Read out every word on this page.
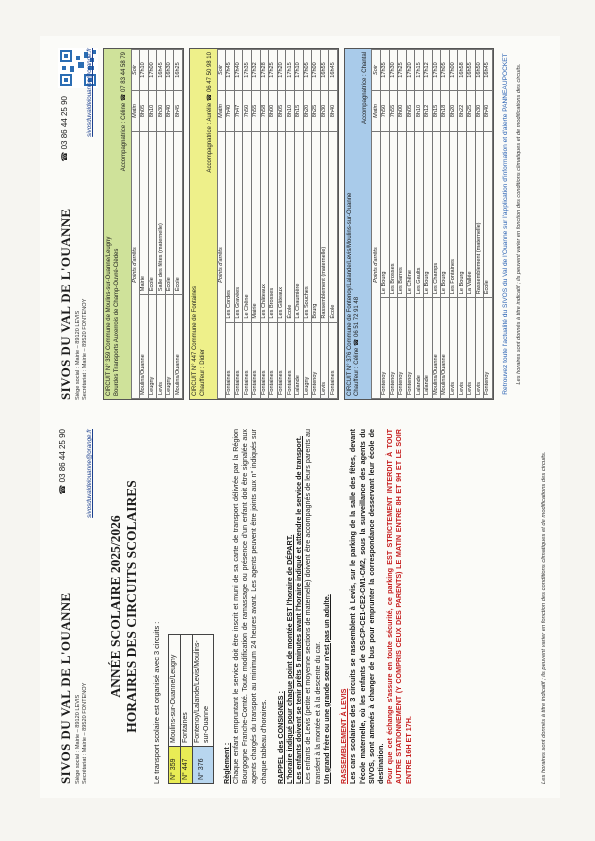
SIVOS DU VAL DE L'OUANNE Siège social : Mairie – 89120 LEVIS Secrétariat : Mairie – 89520 FONTENOY
☎ 03 86 44 25 90	sivosduvaldelouanne@orange.fr
ANNÉE SCOLAIRE 2025/2026 HORAIRES DES CIRCUITS SCOLAIRES Le transport scolaire est organisé avec 3 circuits : N° 359	Moulins-sur-Ouanne/Leugny
N° 447	Fontaines
N° 376	Fontenoy/Lalande/Levis/Moulins-sur-Ouanne
Règlement : Chaque enfant empruntant le service doit être inscrit et muni de sa carte de transport délivrée par la Région Bourgogne Franche-Comté. Toute modification de ramassage ou présence d'un enfant doit être signalée aux agents chargés du transport au minimum 24 heures avant. Les agents peuvent être joints aux n° indiqués sur chaque tableau d'horaires. RAPPEL des CONSIGNES : L'horaire indiqué pour chaque point de montée EST l'horaire de DÉPART. Les enfants doivent se tenir prêts 5 minutes avant l'horaire indiqué et attendre le service de transport. Les enfants de Levis (petite et moyenne sections de maternelle) doivent être accompagnés de leurs parents au transfert à la montée et à la descente du car. Un grand frère ou une grande sœur n'est pas un adulte. RASSEMBLEMENT À LEVIS Les cars scolaires des 3 circuits se rassemblent à Levis, sur le parking de la salle des fêtes, devant l'école maternelle, où les enfants de GS-CP-CE1-CE2-CM1-CM2, sous la surveillance des agents du SIVOS, sont amenés à changer de bus pour emprunter la correspondance desservant leur école de destination. Pour que cet échange s'assure en toute sécurité, ce parking EST STRICTEMENT INTERDIT À TOUT AUTRE STATIONNEMENT (Y COMPRIS CEUX DES PARENTS) LE MATIN ENTRE 8H ET 9H ET LE SOIR ENTRE 16H ET 17H.	Les horaires sont donnés à titre indicatif ; ils peuvent varier en fonction des conditions climatiques et de modifications des circuits.
SIVOS DU VAL DE L'OUANNE Siège social : Mairie – 89120 LEVIS Secrétariat : Mairie – 89520 FONTENOY
☎ 03 86 44 25 90	sivosduvaldelouanne@orange.fr
CIRCUIT N° 359 Commune de Moulins-sur-Ouanne/Leugny Bourdes Transports Auxerrois de Champ-Ouvré-Clèdes
Accompagnatrice : Céline ☎ 07 83 44 58 79
Points d'arrêts		Matin	Soir
Moulins/Ouanne	Mairie	8h05	17h10
Leugny	École	8h10	17h00
Levis	Salle des fêtes (maternelle)	8h30	16h45
Leugny	École	8h40	16h30
Moulins/Ouanne	École	8h45	16h25
CIRCUIT N° 447 Commune de Fontaines Chauffeur : Didier
Accompagnatrice : Aurélie ☎ 06 47 50 98 10
Points d'arrêts		Matin	Soir
Fontaines	Les Cordes	7h40	17h45
Fontaines	Les Gravées	7h47	17h40
Fontaines	Le Chêne	7h50	17h35
Fontaines	Mairie	7h55	17h32
Fontaines	Les Châteaux	7h58	17h28
Fontaines	Les Brosses	8h00	17h25
Fontaines	Les Gâteaux	8h05	17h20
Fontaines	École	8h10	17h15
Lalande	La Chaumière	8h15	17h10
Leugny	Les Souches	8h20	17h05
Fontenoy	Bourg	8h25	17h00
Levis	Rassemblement (maternelle)	8h30	16h55
Fontaines	École	8h40	16h45
CIRCUIT N° 376 Commune de Fontenoy/Lalande/Levis/Moulins-sur-Ouanne Chauffeur : Céline ☎ 06 51 72 91 48
Accompagnatrice : Chantal
Points d'arrêts		Matin	Soir
Fontenoy	Le Bourg	7h50	17h35
Fontenoy	Les Brosses	7h55	17h30
Fontenoy	Les Barres	8h00	17h25
Fontenoy	Le Chêne	8h05	17h20
Lalande	Les Gaults	8h10	17h15
Lalande	Le Bourg	8h12	17h12
Moulins/Ouanne	Les Champs	8h15	17h10
Moulins/Ouanne	Le Bourg	8h18	17h05
Levis	Les Fontaines	8h20	17h00
Levis	Le Bourg	8h22	16h58
Levis	La Vallée	8h25	16h55
Levis	Rassemblement (maternelle)	8h30	16h50
Fontenoy	École	8h40	16h45 Retrouvez toute l'actualité du SIVOS du Val de l'Ouanne sur l'application d'information et d'alerte PANNEAUPOCKET Les horaires sont donnés à titre indicatif ; ils peuvent varier en fonction des conditions climatiques et de modifications des circuits.
